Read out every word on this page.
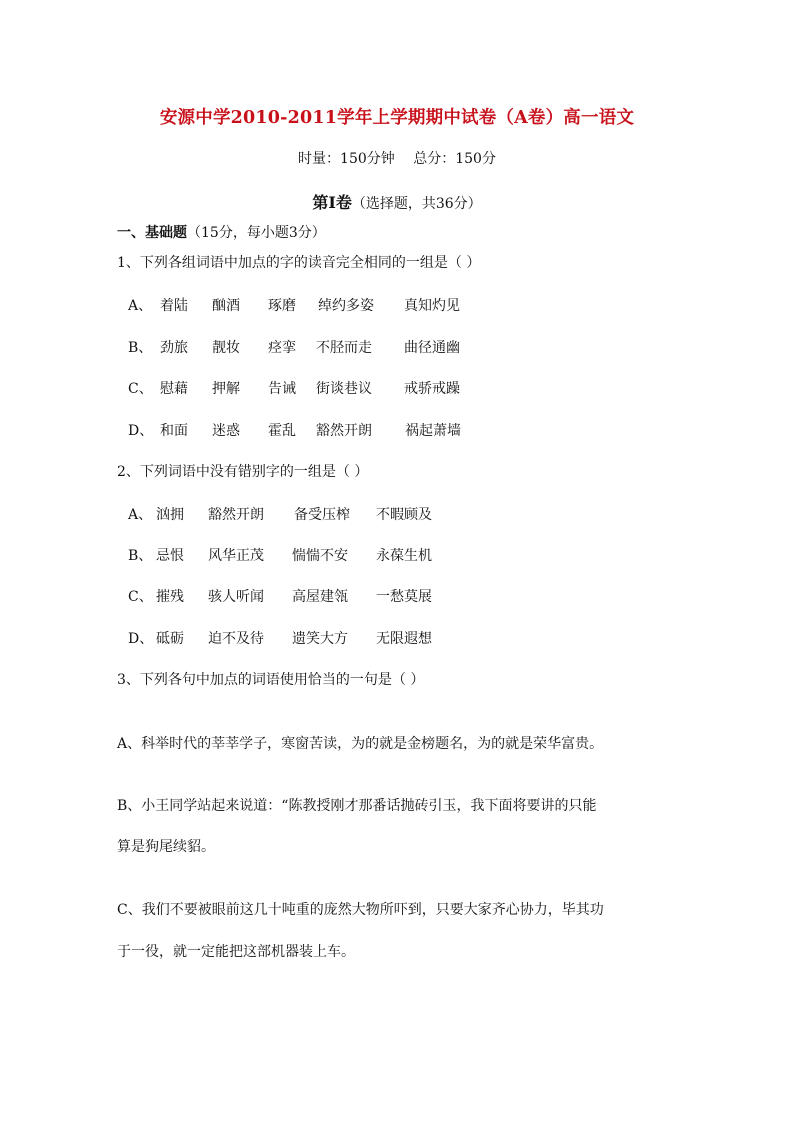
安源中学2010-2011学年上学期期中试卷（A卷）高一语文
时量：150分钟 总分：150分
第Ⅰ卷（选择题，共36分）
一、基础题（15分，每小题3分）
1、下列各组词语中加点的字的读音完全相同的一组是（ ）
A、 着陆 酗酒 琢磨 绰约多姿 真知灼见
B、 劲旅 靓妆 痉挛 不胫而走 曲径通幽
C、 慰藉 押解 告诫 街谈巷议 戒骄戒躁
D、 和面 迷惑 霍乱 豁然开朗 祸起萧墙
2、下列词语中没有错别字的一组是（ ）
A、 汹拥 豁然开朗 备受压榨 不暇顾及
B、 忌恨 风华正茂 惴惴不安 永葆生机
C、 摧残 骇人听闻 高屋建瓴 一愁莫展
D、 砥砺 迫不及待 遗笑大方 无限遐想
3、下列各句中加点的词语使用恰当的一句是（ ）
A、科举时代的莘莘学子，寒窗苦读，为的就是金榜题名，为的就是荣华富贵。
B、小王同学站起来说道：“陈教授刚才那番话抛砖引玉，我下面将要讲的只能
算是狗尾续貂。
C、我们不要被眼前这几十吨重的庞然大物所吓到，只要大家齐心协力，毕其功
于一役，就一定能把这部机器装上车。
